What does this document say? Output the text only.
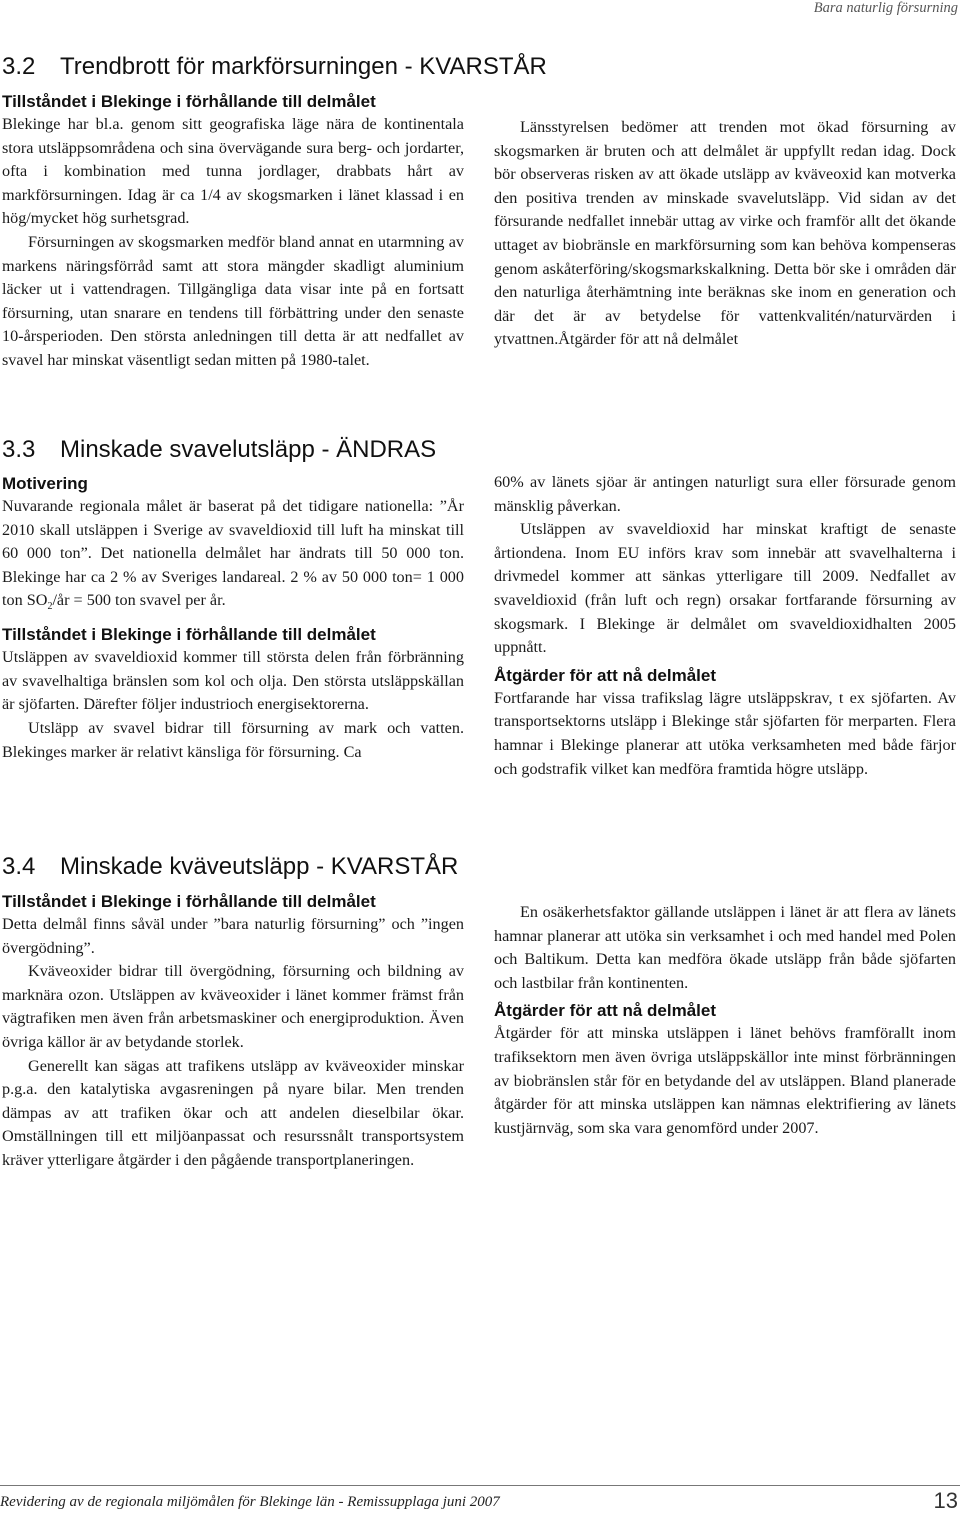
Bara naturlig försurning
3.2 Trendbrott för markförsurningen - KVARSTÅR
Tillståndet i Blekinge i förhållande till delmålet

Blekinge har bl.a. genom sitt geografiska läge nära de kontinentala stora utsläppsområdena och sina övervägande sura berg- och jordarter, ofta i kombination med tunna jordlager, drabbats hårt av markförsurningen. Idag är ca 1/4 av skogsmarken i länet klassad i en hög/mycket hög surhetsgrad.

Försurningen av skogsmarken medför bland annat en utarmning av markens näringsförråd samt att stora mängder skadligt aluminium läcker ut i vattendragen. Tillgängliga data visar inte på en fortsatt försurning, utan snarare en tendens till förbättring under den senaste 10-årsperioden. Den största anledningen till detta är att nedfallet av svavel har minskat väsentligt sedan mitten på 1980-talet.

Länsstyrelsen bedömer att trenden mot ökad försurning av skogsmarken är bruten och att delmålet är uppfyllt redan idag. Dock bör observeras risken av att ökade utsläpp av kväveoxid kan motverka den positiva trenden av minskade svavelutsläpp. Vid sidan av det försurande nedfallet innebär uttag av virke och framför allt det ökande uttaget av biobränsle en markförsurning som kan behöva kompenseras genom askåterföring/skogsmarkskalkning. Detta bör ske i områden där den naturliga återhämtning inte beräknas ske inom en generation och där det är av betydelse för vattenkvalitén/naturvärden i ytvattnen.Åtgärder för att nå delmålet

3.3 Minskade svavelutsläpp - ÄNDRAS
Motivering

Nuvarande regionala målet är baserat på det tidigare nationella: ”År 2010 skall utsläppen i Sverige av svaveldioxid till luft ha minskat till 60 000 ton”. Det nationella delmålet har ändrats till 50 000 ton. Blekinge har ca 2 % av Sveriges landareal. 2 % av 50 000 ton= 1 000 ton $SO_2/år = 500$ ton svavel per år.

Tillståndet i Blekinge i förhållande till delmålet

Utsläppen av svaveldioxid kommer till största delen från förbränning av svavelhaltiga bränslen som kol och olja. Den största utsläppskällan är sjöfarten. Därefter följer industrioch energisektorerna.

Utsläpp av svavel bidrar till försurning av mark och vatten. Blekinges marker är relativt känsliga för försurning. Ca

60% av länets sjöar är antingen naturligt sura eller försurade genom mänsklig påverkan.

Utsläppen av svaveldioxid har minskat kraftigt de senaste årtiondena. Inom EU införs krav som innebär att svavelhalterna i drivmedel kommer att sänkas ytterligare till 2009. Nedfallet av svaveldioxid (från luft och regn) orsakar fortfarande försurning av skogsmark. I Blekinge är delmålet om svaveldioxidhalten 2005 uppnått.

Åtgärder för att nå delmålet

Fortfarande har vissa trafikslag lägre utsläppskrav, t ex sjöfarten. Av transportsektorns utsläpp i Blekinge står sjöfarten för merparten. Flera hamnar i Blekinge planerar att utöka verksamheten med både färjor och godstrafik vilket kan medföra framtida högre utsläpp.

3.4 Minskade kväveutsläpp - KVARSTÅR
Tillståndet i Blekinge i förhållande till delmålet

Detta delmål finns såväl under ”bara naturlig försurning” och ”ingen övergödning”.

Kväveoxider bidrar till övergödning, försurning och bildning av marknära ozon. Utsläppen av kväveoxider i länet kommer främst från vägtrafiken men även från arbetsmaskiner och energiproduktion. Även övriga källor är av betydande storlek.

Generellt kan sägas att trafikens utsläpp av kväveoxider minskar p.g.a. den katalytiska avgasreningen på nyare bilar. Men trenden dämpas av att trafiken ökar och att andelen dieselbilar ökar. Omställningen till ett miljöanpassat och resurssnålt transportsystem kräver ytterligare åtgärder i den pågående transportplaneringen.

En osäkerhetsfaktor gällande utsläppen i länet är att flera av länets hamnar planerar att utöka sin verksamhet i och med handel med Polen och Baltikum. Detta kan medföra ökade utsläpp från både sjöfarten och lastbilar från kontinenten.

Åtgärder för att nå delmålet

Åtgärder för att minska utsläppen i länet behövs framförallt inom trafiksektorn men även övriga utsläppskällor inte minst förbränningen av biobränslen står för en betydande del av utsläppen. Bland planerade åtgärder för att minska utsläppen kan nämnas elektrifiering av länets kustjärnväg, som ska vara genomförd under 2007.

Revidering av de regionala miljömålen för Blekinge län - Remissupplaga juni 2007	13
